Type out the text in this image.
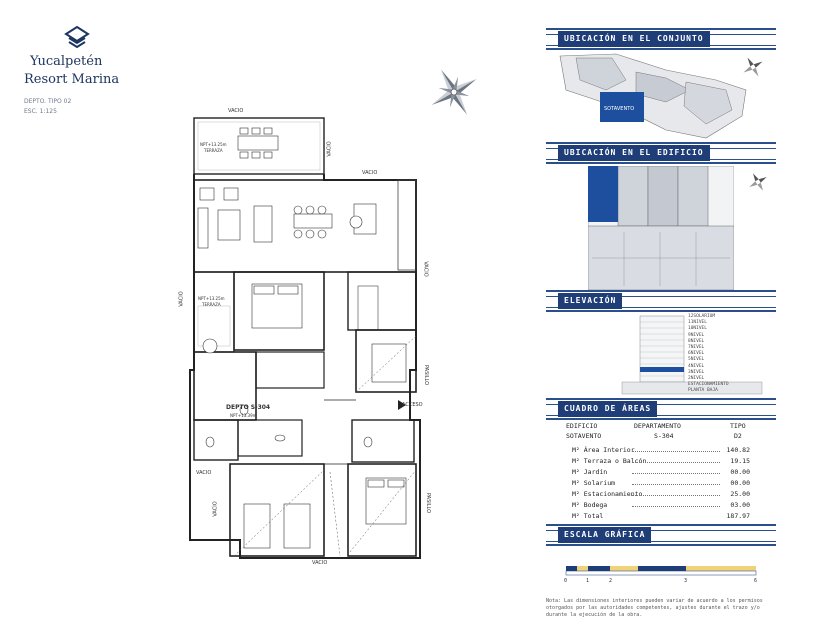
Yucalpetén
Resort Marina
DEPTO. TIPO 02
ESC. 1:125
DEPTO S-304
NPT+13.39m
ACCESO
NPT+13.25m
TERRAZA
NPT+13.25m
TERRAZA
VACIO
VACIO
VACIO
VACIO
VACIO
VACIO
VACIO
VACIO
PASILLO
PASILLO
UBICACIÓN EN EL CONJUNTO
SOTAVENTO
UBICACIÓN EN EL EDIFICIO
ELEVACIÓN
12SOLARIUM
11NIVEL
10NIVEL
9NIVEL
8NIVEL
7NIVEL
6NIVEL
5NIVEL
4NIVEL
3NIVEL
2NIVEL
ESTACIONAMIENTO
PLANTA BAJA
CUADRO DE ÁREAS
EDIFICIO	DEPARTAMENTO	TIPO
SOTAVENTO	S-304	D2
M² Área Interior	140.82
M² Terraza o Balcón	19.15
M² Jardín	00.00
M² Solarium	00.00
M² Estacionamiento	25.00
M² Bodega	03.00
M² Total	187.97
ESCALA GRÁFICA
0	1	2	3	6
Nota: Las dimensiones interiores pueden variar de acuerdo a los permisos otorgados por las autoridades competentes, ajustes durante el trazo y/o durante la ejecución de la obra.
